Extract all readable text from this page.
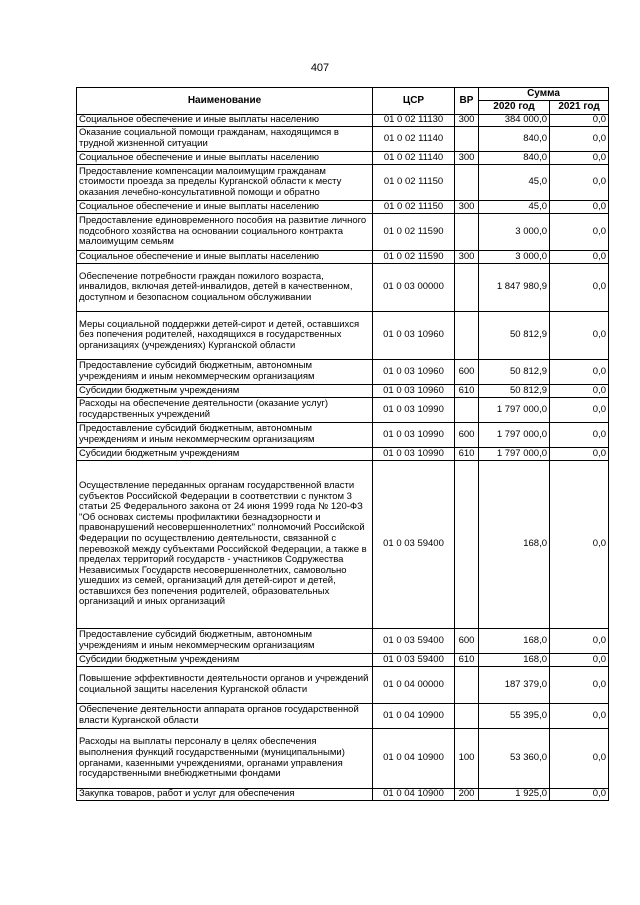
407
Наименование	ЦСР	ВР	Сумма	
			2020 год	2021 год
Социальное обеспечение и иные выплаты населению	01 0 02 11130	300	384 000,0	0,0
Оказание социальной помощи гражданам, находящимся в трудной жизненной ситуации	01 0 02 11140		840,0	0,0
Социальное обеспечение и иные выплаты населению	01 0 02 11140	300	840,0	0,0
Предоставление компенсации малоимущим гражданам стоимости проезда за пределы Курганской области к месту оказания лечебно-консультативной помощи и обратно	01 0 02 11150		45,0	0,0
Социальное обеспечение и иные выплаты населению	01 0 02 11150	300	45,0	0,0
Предоставление единовременного пособия на развитие личного подсобного хозяйства на основании социального контракта малоимущим семьям	01 0 02 11590		3 000,0	0,0
Социальное обеспечение и иные выплаты населению	01 0 02 11590	300	3 000,0	0,0
Обеспечение потребности граждан пожилого возраста, инвалидов, включая детей-инвалидов, детей в качественном, доступном и безопасном социальном обслуживании	01 0 03 00000		1 847 980,9	0,0
Меры социальной поддержки детей-сирот и детей, оставшихся без попечения родителей, находящихся в государственных организациях (учреждениях) Курганской области	01 0 03 10960		50 812,9	0,0
Предоставление субсидий бюджетным, автономным учреждениям и иным некоммерческим организациям	01 0 03 10960	600	50 812,9	0,0
Субсидии бюджетным учреждениям	01 0 03 10960	610	50 812,9	0,0
Расходы на обеспечение деятельности (оказание услуг) государственных учреждений	01 0 03 10990		1 797 000,0	0,0
Предоставление субсидий бюджетным, автономным учреждениям и иным некоммерческим организациям	01 0 03 10990	600	1 797 000,0	0,0
Субсидии бюджетным учреждениям	01 0 03 10990	610	1 797 000,0	0,0
Осуществление переданных органам государственной власти субъектов Российской Федерации в соответствии с пунктом 3 статьи 25 Федерального закона от 24 июня 1999 года № 120-ФЗ "Об основах системы профилактики безнадзорности и правонарушений несовершеннолетних" полномочий Российской Федерации по осуществлению деятельности, связанной с перевозкой между субъектами Российской Федерации, а также в пределах территорий государств - участников Содружества Независимых Государств несовершеннолетних, самовольно ушедших из семей, организаций для детей-сирот и детей, оставшихся без попечения родителей, образовательных организаций и иных организаций	01 0 03 59400		168,0	0,0
Предоставление субсидий бюджетным, автономным учреждениям и иным некоммерческим организациям	01 0 03 59400	600	168,0	0,0
Субсидии бюджетным учреждениям	01 0 03 59400	610	168,0	0,0
Повышение эффективности деятельности органов и учреждений социальной защиты населения Курганской области	01 0 04 00000		187 379,0	0,0
Обеспечение деятельности аппарата органов государственной власти Курганской области	01 0 04 10900		55 395,0	0,0
Расходы на выплаты персоналу в целях обеспечения выполнения функций государственными (муниципальными) органами, казенными учреждениями, органами управления государственными внебюджетными фондами	01 0 04 10900	100	53 360,0	0,0
Закупка товаров, работ и услуг для обеспечения	01 0 04 10900	200	1 925,0	0,0
